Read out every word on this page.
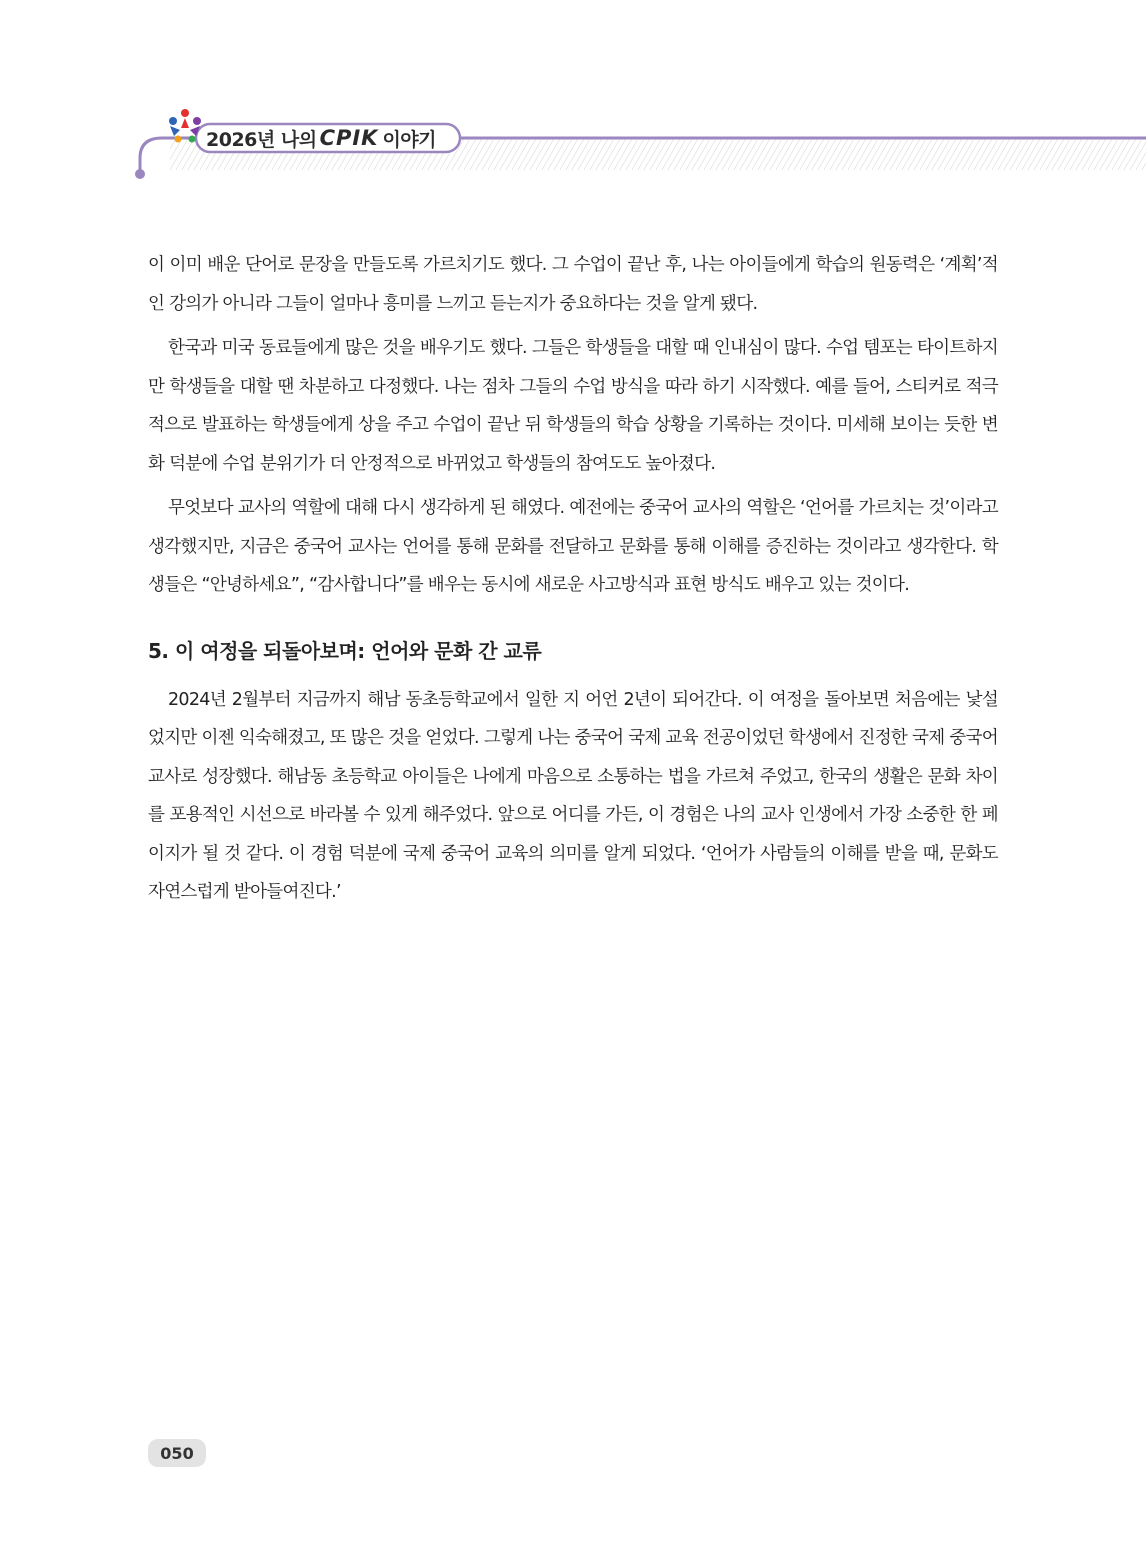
2026년 나의 CPIK 이야기

이 이미 배운 단어로 문장을 만들도록 가르치기도 했다. 그 수업이 끝난 후, 나는 아이들에게 학습의 원동력은 ‘계획’적인 강의가 아니라 그들이 얼마나 흥미를 느끼고 듣는지가 중요하다는 것을 알게 됐다.

한국과 미국 동료들에게 많은 것을 배우기도 했다. 그들은 학생들을 대할 때 인내심이 많다. 수업 템포는 타이트하지만 학생들을 대할 땐 차분하고 다정했다. 나는 점차 그들의 수업 방식을 따라 하기 시작했다. 예를 들어, 스티커로 적극적으로 발표하는 학생들에게 상을 주고 수업이 끝난 뒤 학생들의 학습 상황을 기록하는 것이다. 미세해 보이는 듯한 변화 덕분에 수업 분위기가 더 안정적으로 바뀌었고 학생들의 참여도도 높아졌다.

무엇보다 교사의 역할에 대해 다시 생각하게 된 해였다. 예전에는 중국어 교사의 역할은 ‘언어를 가르치는 것’이라고 생각했지만, 지금은 중국어 교사는 언어를 통해 문화를 전달하고 문화를 통해 이해를 증진하는 것이라고 생각한다. 학생들은 “안녕하세요”, “감사합니다”를 배우는 동시에 새로운 사고방식과 표현 방식도 배우고 있는 것이다.

5. 이 여정을 되돌아보며: 언어와 문화 간 교류

2024년 2월부터 지금까지 해남 동초등학교에서 일한 지 어언 2년이 되어간다. 이 여정을 돌아보면 처음에는 낯설었지만 이젠 익숙해졌고, 또 많은 것을 얻었다. 그렇게 나는 중국어 국제 교육 전공이었던 학생에서 진정한 국제 중국어 교사로 성장했다. 해남동 초등학교 아이들은 나에게 마음으로 소통하는 법을 가르쳐 주었고, 한국의 생활은 문화 차이를 포용적인 시선으로 바라볼 수 있게 해주었다. 앞으로 어디를 가든, 이 경험은 나의 교사 인생에서 가장 소중한 한 페이지가 될 것 같다. 이 경험 덕분에 국제 중국어 교육의 의미를 알게 되었다. ‘언어가 사람들의 이해를 받을 때, 문화도 자연스럽게 받아들여진다.’

050
